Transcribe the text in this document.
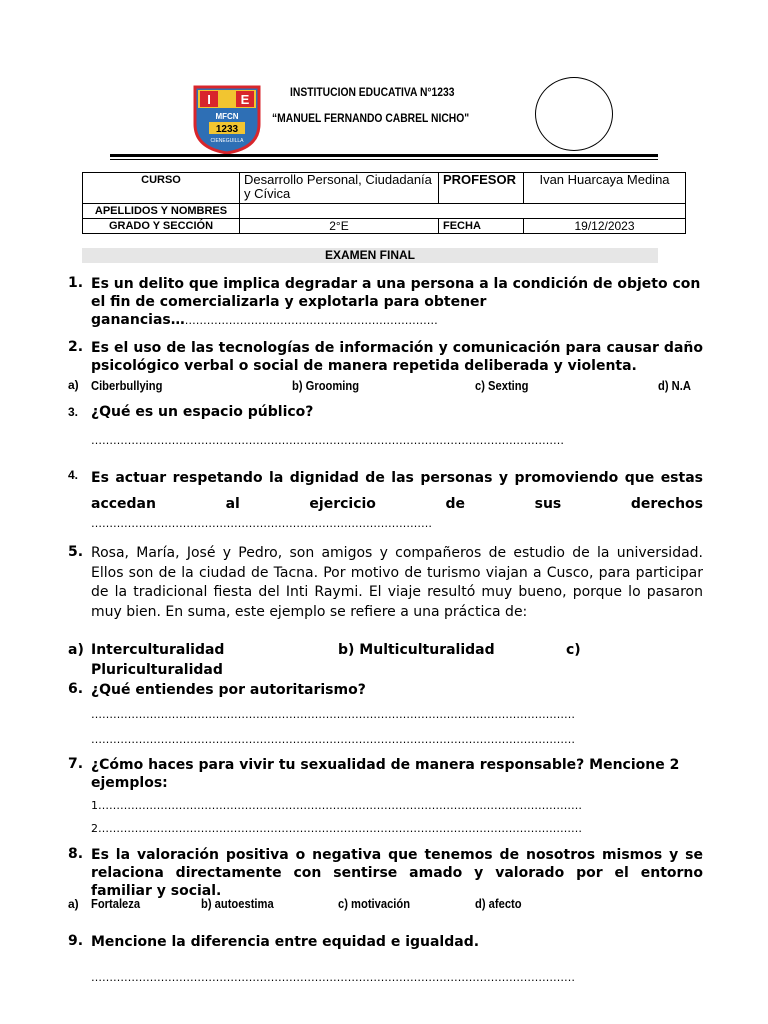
I E
MFCN
1233
CIENEGUILLA
INSTITUCION EDUCATIVA N°1233
“MANUEL FERNANDO CABREL NICHO"
CURSO	Desarrollo Personal, Ciudadanía y Cívica	PROFESOR	Ivan Huarcaya Medina
APELLIDOS Y NOMBRES			
GRADO Y SECCIÓN	2°E	FECHA	19/12/2023
EXAMEN FINAL
1. Es un delito que implica degradar a una persona a la condición de objeto con el fin de comercializarla y explotarla para obtener ganancias………………………………………………………………
2. Es el uso de las tecnologías de información y comunicación para causar daño psicológico verbal o social de manera repetida deliberada y violenta.
a) Ciberbullying	b) Grooming	c) Sexting	d) N.A
3. ¿Qué es un espacio público?
…………………………………………………………………………………………………………………
4. Es actuar respetando la dignidad de las personas y promoviendo que estas accedan al ejercicio de sus derechos
…………………………………………………………………………………
5. Rosa, María, José y Pedro, son amigos y compañeros de estudio de la universidad. Ellos son de la ciudad de Tacna. Por motivo de turismo viajan a Cusco, para participar de la tradicional fiesta del Inti Raymi. El viaje resultó muy bueno, porque lo pasaron muy bien. En suma, este ejemplo se refiere a una práctica de:
a) Interculturalidad	b) Multiculturalidad	c)
Pluriculturalidad
6. ¿Qué entiendes por autoritarismo?
……………………………………………………………………………………………………………………
……………………………………………………………………………………………………………………
7. ¿Cómo haces para vivir tu sexualidad de manera responsable? Mencione 2 ejemplos:
1……………………………………………………………………………………………………………………
2……………………………………………………………………………………………………………………
8. Es la valoración positiva o negativa que tenemos de nosotros mismos y se relaciona directamente con sentirse amado y valorado por el entorno familiar y social.
a) Fortaleza	b) autoestima	c) motivación	d) afecto
9. Mencione la diferencia entre equidad e igualdad.
……………………………………………………………………………………………………………………
